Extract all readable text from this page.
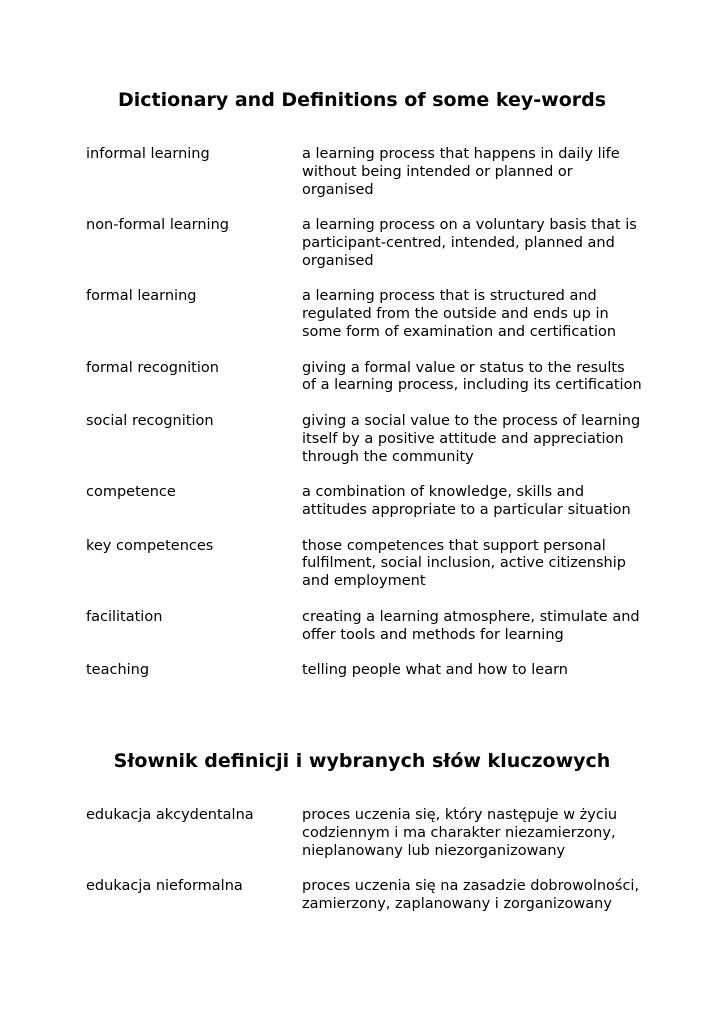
Dictionary and Definitions of some key-words
informal learning	a learning process that happens in daily life without being intended or planned or organised
non-formal learning	a learning process on a voluntary basis that is participant-centred, intended, planned and organised
formal learning	a learning process that is structured and regulated from the outside and ends up in some form of examination and certification
formal recognition	giving a formal value or status to the results of a learning process, including its certification
social recognition	giving a social value to the process of learning itself by a positive attitude and appreciation through the community
competence	a combination of knowledge, skills and attitudes appropriate to a particular situation
key competences	those competences that support personal fulfilment, social inclusion, active citizenship and employment
facilitation	creating a learning atmosphere, stimulate and offer tools and methods for learning
teaching	telling people what and how to learn
Słownik definicji i wybranych słów kluczowych
edukacja akcydentalna	proces uczenia się, który następuje w życiu codziennym i ma charakter niezamierzony, nieplanowany lub niezorganizowany
edukacja nieformalna	proces uczenia się na zasadzie dobrowolności, zamierzony, zaplanowany i zorganizowany
